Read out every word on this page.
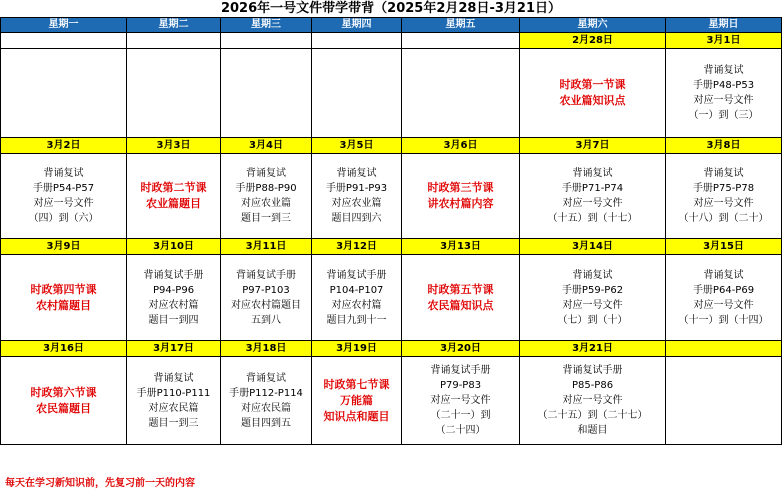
2026年一号文件带学带背（2025年2月28日-3月21日）
星期一	星期二	星期三	星期四	星期五	星期六	星期日
					2月28日	3月1日

					时政第一节课
农业篇知识点	背诵复试
手册P48-P53
对应一号文件
（一）到（三）

3月2日	3月3日	3月4日	3月5日	3月6日	3月7日	3月8日

背诵复试
手册P54-P57
对应一号文件
（四）到（六）	时政第二节课
农业篇题目	背诵复试
手册P88-P90
对应农业篇
题目一到三	背诵复试
手册P91-P93
对应农业篇
题目四到六	时政第三节课
讲农村篇内容	背诵复试
手册P71-P74
对应一号文件
（十五）到（十七）	背诵复试
手册P75-P78
对应一号文件
（十八）到（二十）

3月9日	3月10日	3月11日	3月12日	3月13日	3月14日	3月15日

时政第四节课
农村篇题目	背诵复试手册
P94-P96
对应农村篇
题目一到四	背诵复试手册
P97-P103
对应农村篇题目
五到八	背诵复试手册
P104-P107
对应农村篇
题目九到十一	时政第五节课
农民篇知识点	背诵复试
手册P59-P62
对应一号文件
（七）到（十）	背诵复试
手册P64-P69
对应一号文件
（十一）到（十四）

3月16日	3月17日	3月18日	3月19日	3月20日	3月21日	

时政第六节课
农民篇题目	背诵复试
手册P110-P111
对应农民篇
题目一到三	背诵复试
手册P112-P114
对应农民篇
题目四到五	时政第七节课
万能篇
知识点和题目	背诵复试手册
P79-P83
对应一号文件
（二十一）到
（二十四）	背诵复试手册
P85-P86
对应一号文件
（二十五）到（二十七）
和题目	

每天在学习新知识前，先复习前一天的内容
